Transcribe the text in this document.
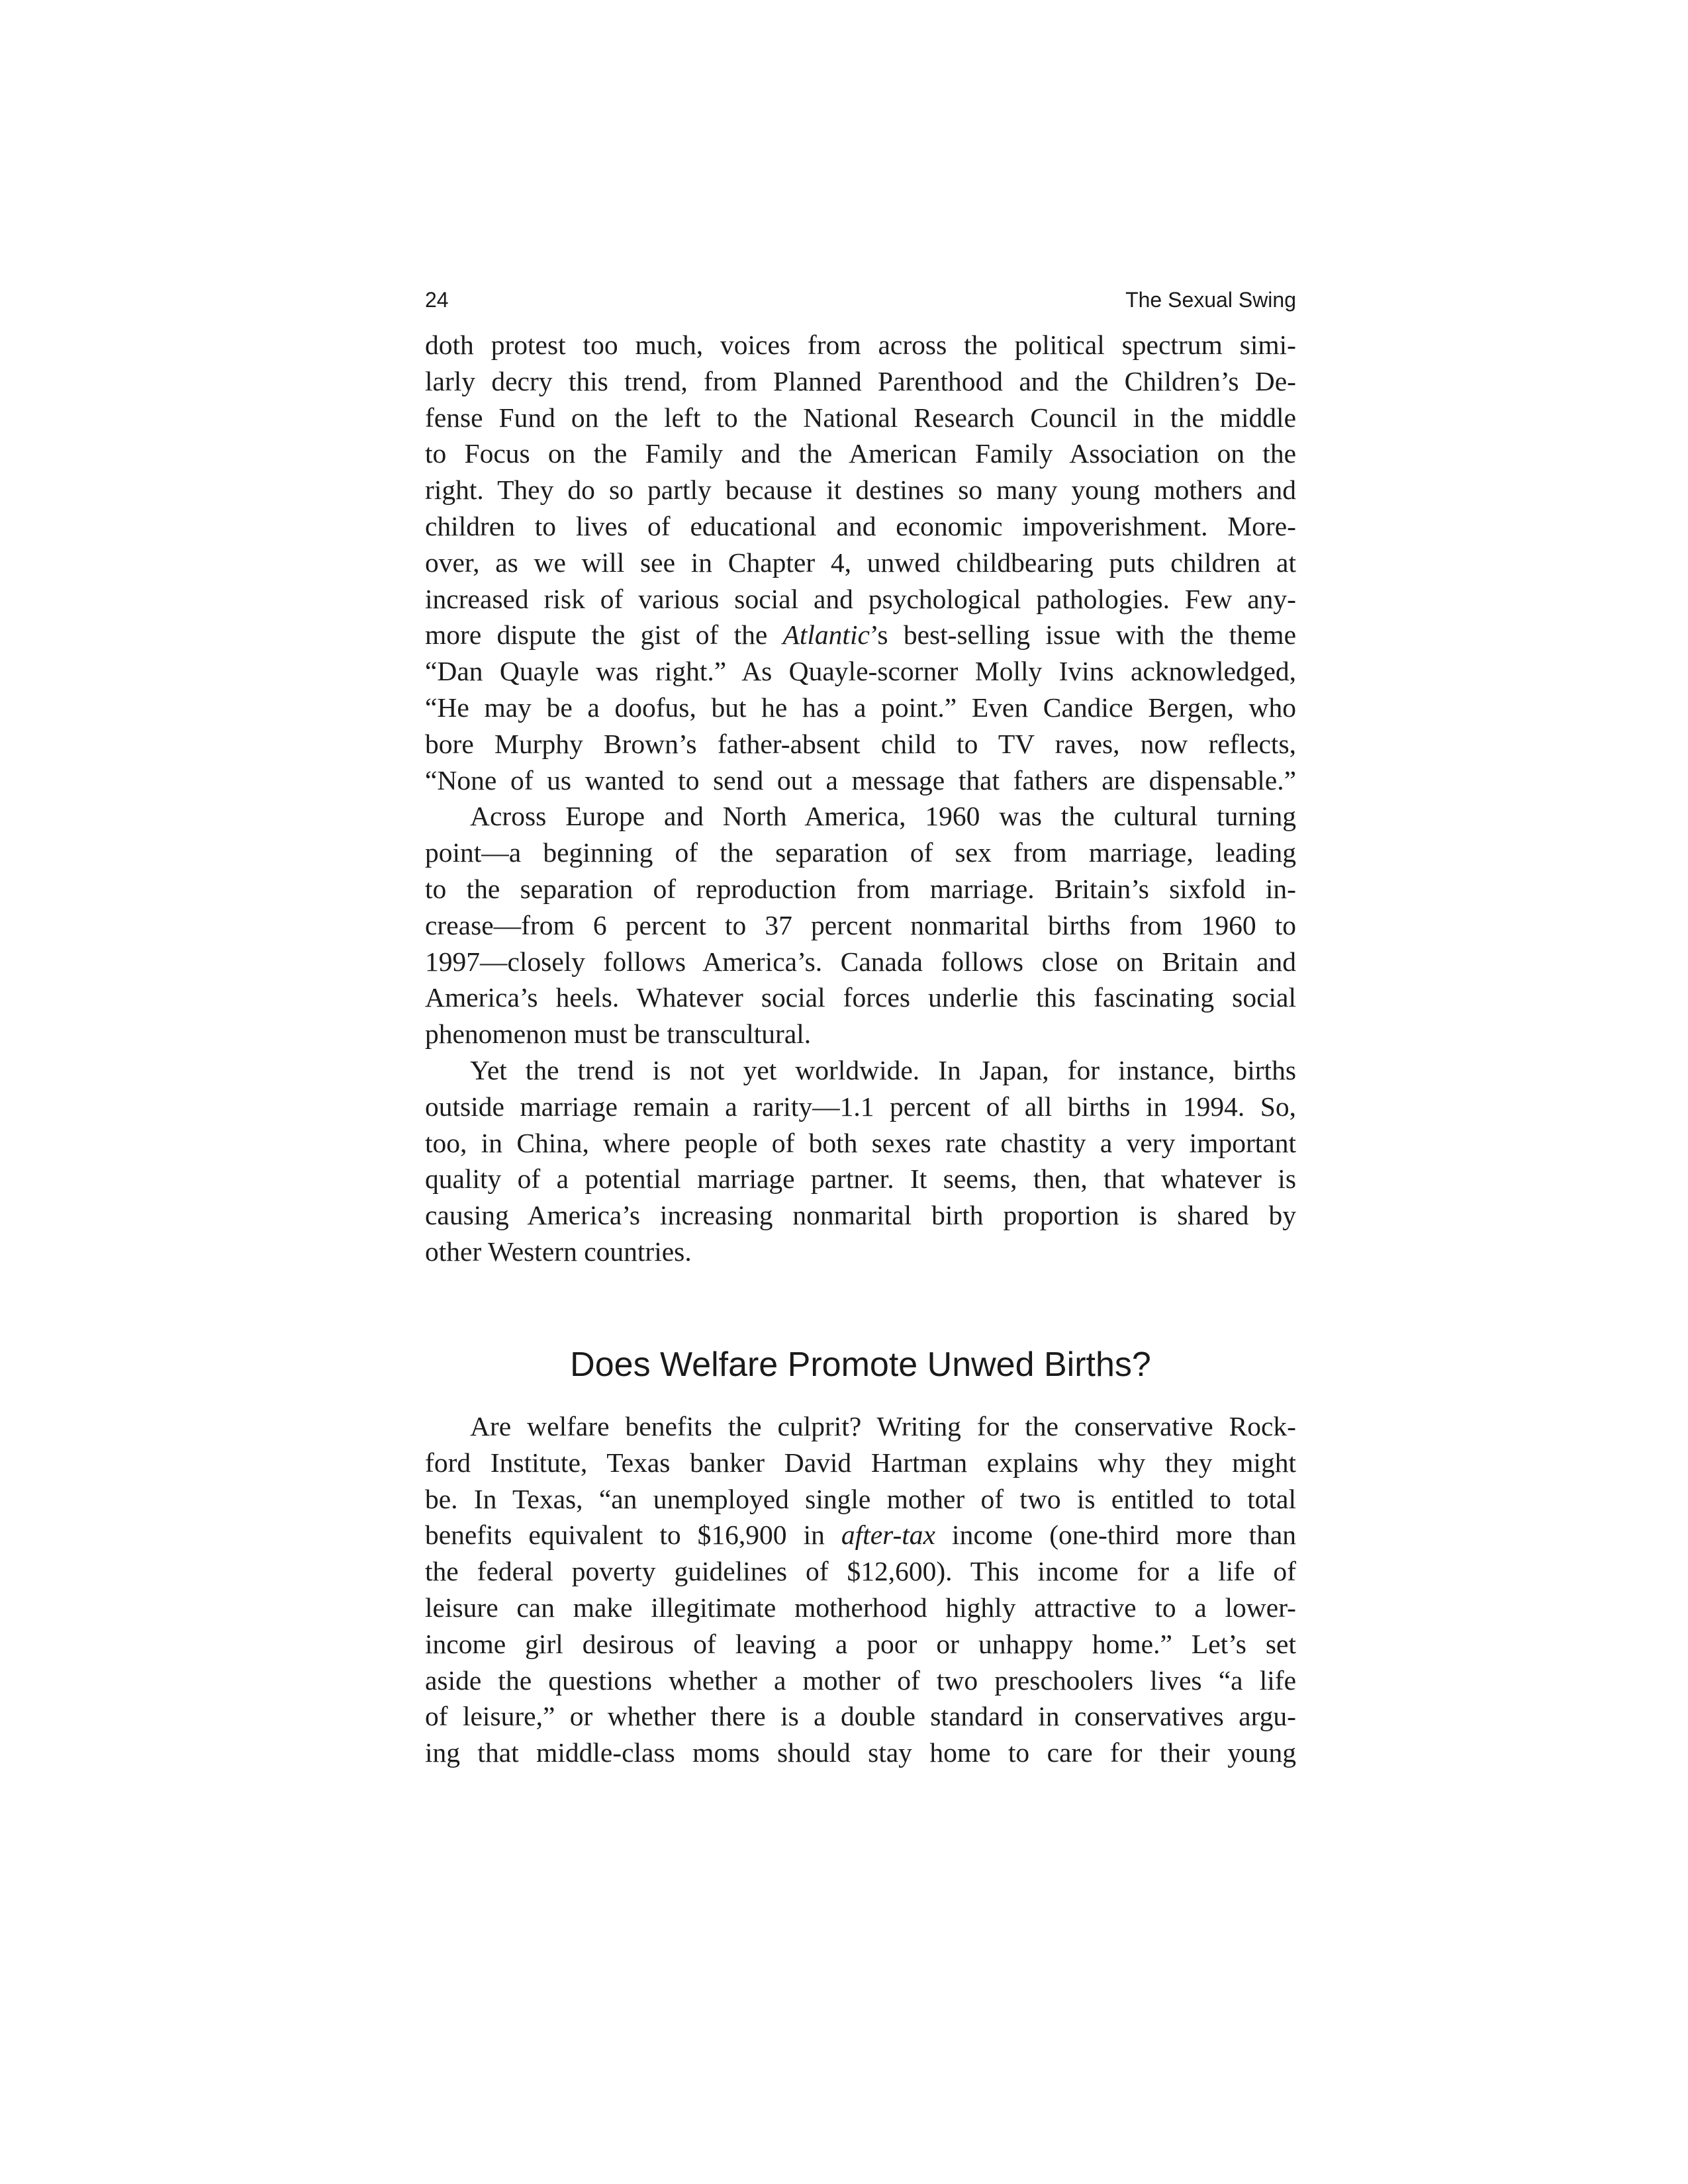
24	The Sexual Swing
doth protest too much, voices from across the political spectrum simi-
larly decry this trend, from Planned Parenthood and the Children’s De-
fense Fund on the left to the National Research Council in the middle
to Focus on the Family and the American Family Association on the
right. They do so partly because it destines so many young mothers and
children to lives of educational and economic impoverishment. More-
over, as we will see in Chapter 4, unwed childbearing puts children at
increased risk of various social and psychological pathologies. Few any-
more dispute the gist of the Atlantic’s best-selling issue with the theme
“Dan Quayle was right.” As Quayle-scorner Molly Ivins acknowledged,
“He may be a doofus, but he has a point.” Even Candice Bergen, who
bore Murphy Brown’s father-absent child to TV raves, now reflects,
“None of us wanted to send out a message that fathers are dispensable.”
Across Europe and North America, 1960 was the cultural turning
point—a beginning of the separation of sex from marriage, leading
to the separation of reproduction from marriage. Britain’s sixfold in-
crease—from 6 percent to 37 percent nonmarital births from 1960 to
1997—closely follows America’s. Canada follows close on Britain and
America’s heels. Whatever social forces underlie this fascinating social
phenomenon must be transcultural.
Yet the trend is not yet worldwide. In Japan, for instance, births
outside marriage remain a rarity—1.1 percent of all births in 1994. So,
too, in China, where people of both sexes rate chastity a very important
quality of a potential marriage partner. It seems, then, that whatever is
causing America’s increasing nonmarital birth proportion is shared by
other Western countries.
Does Welfare Promote Unwed Births?
Are welfare benefits the culprit? Writing for the conservative Rock-
ford Institute, Texas banker David Hartman explains why they might
be. In Texas, “an unemployed single mother of two is entitled to total
benefits equivalent to $16,900 in after-tax income (one-third more than
the federal poverty guidelines of $12,600). This income for a life of
leisure can make illegitimate motherhood highly attractive to a lower-
income girl desirous of leaving a poor or unhappy home.” Let’s set
aside the questions whether a mother of two preschoolers lives “a life
of leisure,” or whether there is a double standard in conservatives argu-
ing that middle-class moms should stay home to care for their young
